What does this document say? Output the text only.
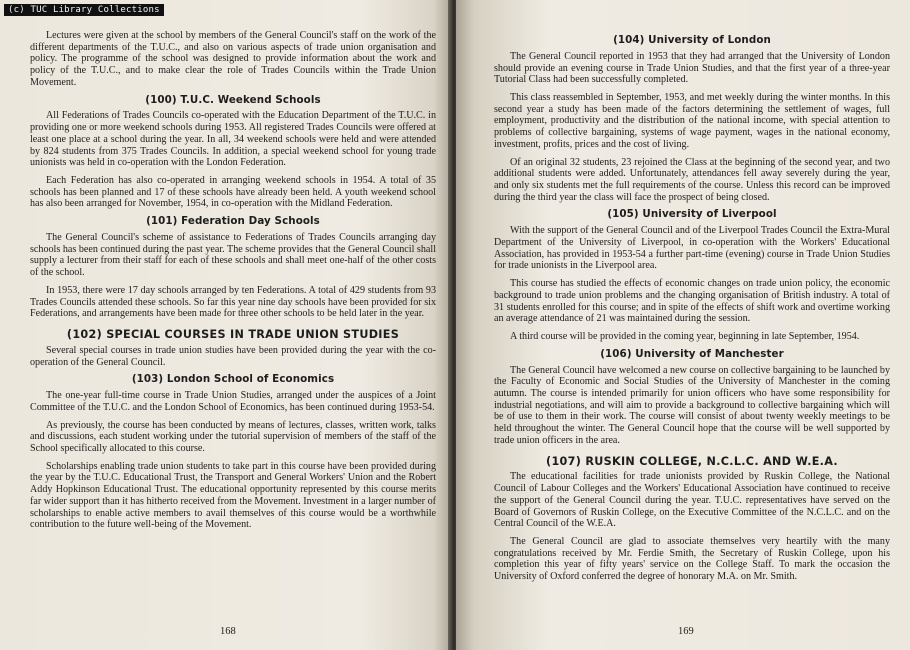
Lectures were given at the school by members of the General Council's staff on the work of the different departments of the T.U.C., and also on various aspects of trade union organisation and policy. The programme of the school was designed to provide information about the work and policy of the T.U.C., and to make clear the role of Trades Councils within the Trade Union Movement.

(100) T.U.C. Weekend Schools

All Federations of Trades Councils co-operated with the Education Department of the T.U.C. in providing one or more weekend schools during 1953. All registered Trades Councils were offered at least one place at a school during the year. In all, 34 weekend schools were held and were attended by 824 students from 375 Trades Councils. In addition, a special weekend school for young trade unionists was held in co-operation with the London Federation.

Each Federation has also co-operated in arranging weekend schools in 1954. A total of 35 schools has been planned and 17 of these schools have already been held. A youth weekend school has also been arranged for November, 1954, in co-operation with the Midland Federation.

(101) Federation Day Schools

The General Council's scheme of assistance to Federations of Trades Councils arranging day schools has been continued during the past year. The scheme provides that the General Council shall supply a lecturer from their staff for each of these schools and shall meet one-half of the other costs of the school.

In 1953, there were 17 day schools arranged by ten Federations. A total of 429 students from 93 Trades Councils attended these schools. So far this year nine day schools have been provided for six Federations, and arrangements have been made for three other schools to be held later in the year.

(102) SPECIAL COURSES IN TRADE UNION STUDIES

Several special courses in trade union studies have been provided during the year with the co-operation of the General Council.

(103) London School of Economics

The one-year full-time course in Trade Union Studies, arranged under the auspices of a Joint Committee of the T.U.C. and the London School of Economics, has been continued during 1953-54.

As previously, the course has been conducted by means of lectures, classes, written work, talks and discussions, each student working under the tutorial supervision of members of the staff of the School specifically allocated to this course.

Scholarships enabling trade union students to take part in this course have been provided during the year by the T.U.C. Educational Trust, the Transport and General Workers' Union and the Robert Addy Hopkinson Educational Trust. The educational opportunity represented by this course merits far wider support than it has hitherto received from the Movement. Investment in a larger number of scholarships to enable active members to avail themselves of this course would be a worthwhile contribution to the future well-being of the Movement.

168
(104) University of London

The General Council reported in 1953 that they had arranged that the University of London should provide an evening course in Trade Union Studies, and that the first year of a three-year Tutorial Class had been successfully completed.

This class reassembled in September, 1953, and met weekly during the winter months. In this second year a study has been made of the factors determining the settlement of wages, full employment, productivity and the distribution of the national income, with special attention to problems of collective bargaining, systems of wage payment, wages in the national economy, investment, profits, prices and the cost of living.

Of an original 32 students, 23 rejoined the Class at the beginning of the second year, and two additional students were added. Unfortunately, attendances fell away severely during the year, and only six students met the full requirements of the course. Unless this record can be improved during the third year the class will face the prospect of being closed.

(105) University of Liverpool

With the support of the General Council and of the Liverpool Trades Council the Extra-Mural Department of the University of Liverpool, in co-operation with the Workers' Educational Association, has provided in 1953-54 a further part-time (evening) course in Trade Union Studies for trade unionists in the Liverpool area.

This course has studied the effects of economic changes on trade union policy, the economic background to trade union problems and the changing organisation of British industry. A total of 31 students enrolled for this course; and in spite of the effects of shift work and overtime working an average attendance of 21 was maintained during the session.

A third course will be provided in the coming year, beginning in late September, 1954.

(106) University of Manchester

The General Council have welcomed a new course on collective bargaining to be launched by the Faculty of Economic and Social Studies of the University of Manchester in the coming autumn. The course is intended primarily for union officers who have some responsibility for industrial negotiations, and will aim to provide a background to collective bargaining which will be of use to them in their work. The course will consist of about twenty weekly meetings to be held throughout the winter. The General Council hope that the course will be well supported by trade union officers in the area.

(107) RUSKIN COLLEGE, N.C.L.C. AND W.E.A.

The educational facilities for trade unionists provided by Ruskin College, the National Council of Labour Colleges and the Workers' Educational Association have continued to receive the support of the General Council during the year. T.U.C. representatives have served on the Board of Governors of Ruskin College, on the Executive Committee of the N.C.L.C. and on the Central Council of the W.E.A.

The General Council are glad to associate themselves very heartily with the many congratulations received by Mr. Ferdie Smith, the Secretary of Ruskin College, upon his completion this year of fifty years' service on the College Staff. To mark the occasion the University of Oxford conferred the degree of honorary M.A. on Mr. Smith.

169
(c) TUC Library Collections
